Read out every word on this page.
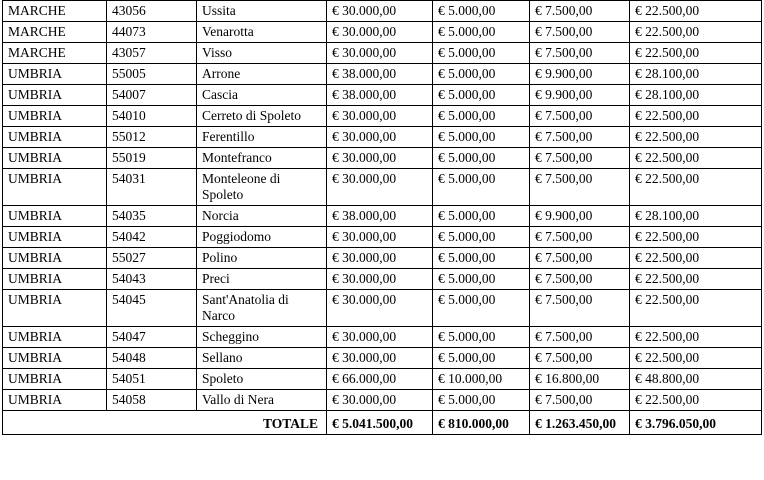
MARCHE	43056	Ussita	€ 30.000,00	€ 5.000,00	€ 7.500,00	€ 22.500,00
MARCHE	44073	Venarotta	€ 30.000,00	€ 5.000,00	€ 7.500,00	€ 22.500,00
MARCHE	43057	Visso	€ 30.000,00	€ 5.000,00	€ 7.500,00	€ 22.500,00
UMBRIA	55005	Arrone	€ 38.000,00	€ 5.000,00	€ 9.900,00	€ 28.100,00
UMBRIA	54007	Cascia	€ 38.000,00	€ 5.000,00	€ 9.900,00	€ 28.100,00
UMBRIA	54010	Cerreto di Spoleto	€ 30.000,00	€ 5.000,00	€ 7.500,00	€ 22.500,00
UMBRIA	55012	Ferentillo	€ 30.000,00	€ 5.000,00	€ 7.500,00	€ 22.500,00
UMBRIA	55019	Montefranco	€ 30.000,00	€ 5.000,00	€ 7.500,00	€ 22.500,00
UMBRIA	54031	Monteleone di Spoleto	€ 30.000,00	€ 5.000,00	€ 7.500,00	€ 22.500,00
UMBRIA	54035	Norcia	€ 38.000,00	€ 5.000,00	€ 9.900,00	€ 28.100,00
UMBRIA	54042	Poggiodomo	€ 30.000,00	€ 5.000,00	€ 7.500,00	€ 22.500,00
UMBRIA	55027	Polino	€ 30.000,00	€ 5.000,00	€ 7.500,00	€ 22.500,00
UMBRIA	54043	Preci	€ 30.000,00	€ 5.000,00	€ 7.500,00	€ 22.500,00
UMBRIA	54045	Sant'Anatolia di Narco	€ 30.000,00	€ 5.000,00	€ 7.500,00	€ 22.500,00
UMBRIA	54047	Scheggino	€ 30.000,00	€ 5.000,00	€ 7.500,00	€ 22.500,00
UMBRIA	54048	Sellano	€ 30.000,00	€ 5.000,00	€ 7.500,00	€ 22.500,00
UMBRIA	54051	Spoleto	€ 66.000,00	€ 10.000,00	€ 16.800,00	€ 48.800,00
UMBRIA	54058	Vallo di Nera	€ 30.000,00	€ 5.000,00	€ 7.500,00	€ 22.500,00
TOTALE			€ 5.041.500,00	€ 810.000,00	€ 1.263.450,00	€ 3.796.050,00
